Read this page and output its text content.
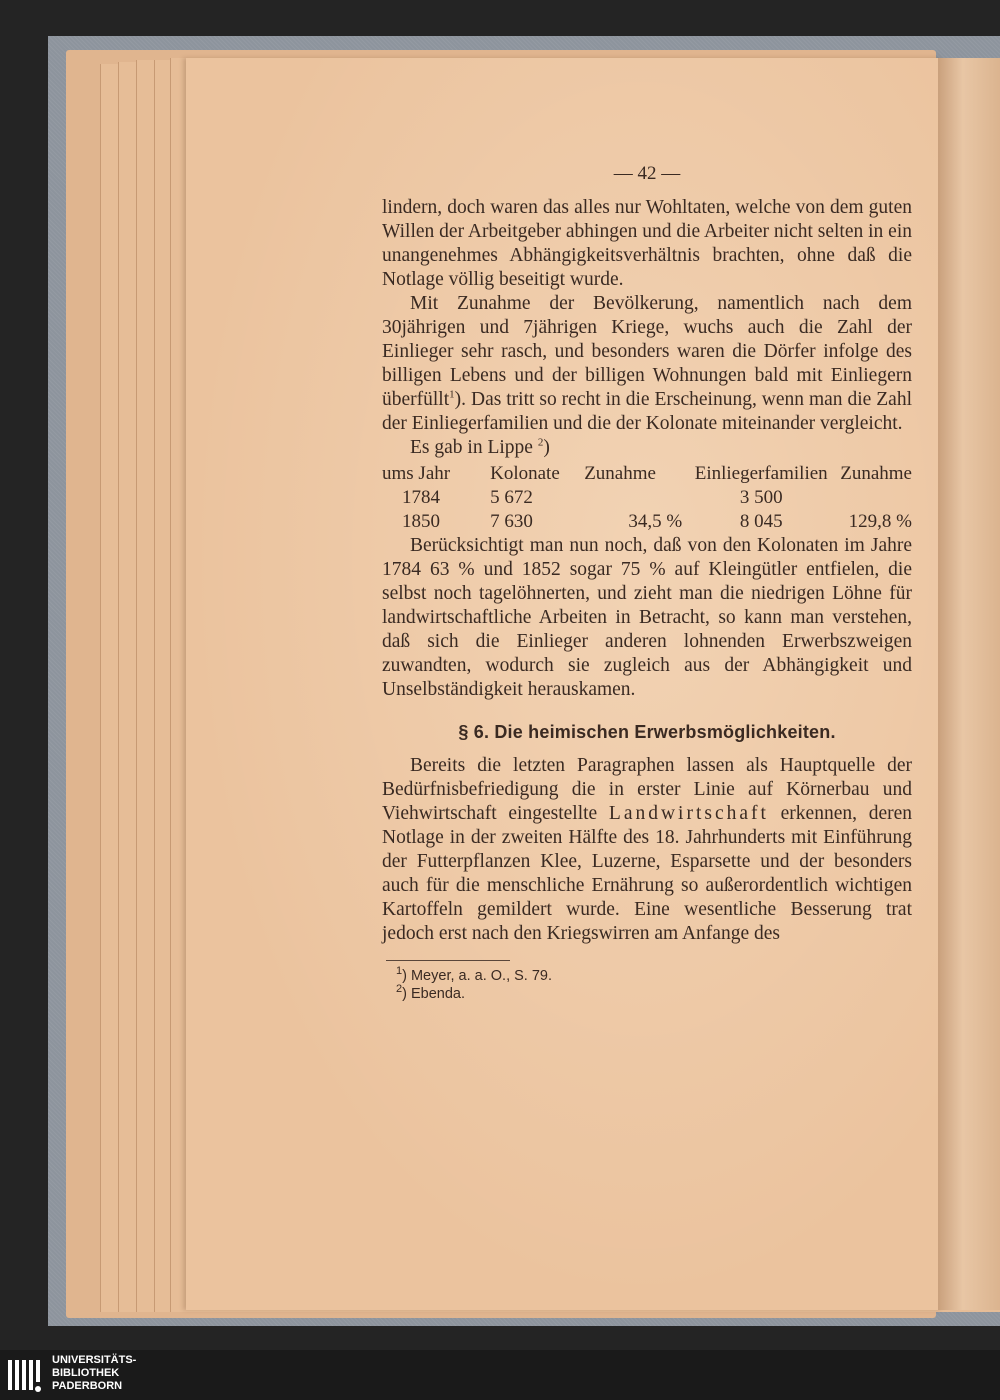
— 42 —

lindern, doch waren das alles nur Wohltaten, welche von dem guten Willen der Arbeitgeber abhingen und die Arbeiter nicht selten in ein unangenehmes Abhängigkeitsverhältnis brachten, ohne daß die Notlage völlig beseitigt wurde.

Mit Zunahme der Bevölkerung, namentlich nach dem 30jährigen und 7jährigen Kriege, wuchs auch die Zahl der Einlieger sehr rasch, und besonders waren die Dörfer infolge des billigen Lebens und der billigen Wohnungen bald mit Einliegern überfüllt$^1$). Das tritt so recht in die Erscheinung, wenn man die Zahl der Einliegerfamilien und die der Kolonate miteinander vergleicht.

Es gab in Lippe $^2$)

ums Jahr	Kolonate	Zunahme	Einliegerfamilien	Zunahme
1784	5 672		3 500	
1850	7 630	34,5 %	8 045	129,8 %

Berücksichtigt man nun noch, daß von den Kolonaten im Jahre 1784 63 % und 1852 sogar 75 % auf Kleingütler entfielen, die selbst noch tagelöhnerten, und zieht man die niedrigen Löhne für landwirtschaftliche Arbeiten in Betracht, so kann man verstehen, daß sich die Einlieger anderen lohnenden Erwerbszweigen zuwandten, wodurch sie zugleich aus der Abhängigkeit und Unselbständigkeit herauskamen.

§ 6. Die heimischen Erwerbsmöglichkeiten.

Bereits die letzten Paragraphen lassen als Hauptquelle der Bedürfnisbefriedigung die in erster Linie auf Körnerbau und Viehwirtschaft eingestellte Landwirtschaft erkennen, deren Notlage in der zweiten Hälfte des 18. Jahrhunderts mit Einführung der Futterpflanzen Klee, Luzerne, Esparsette und der besonders auch für die menschliche Ernährung so außerordentlich wichtigen Kartoffeln gemildert wurde. Eine wesentliche Besserung trat jedoch erst nach den Kriegswirren am Anfange des

$^1$) Meyer, a. a. O., S. 79.

$^2$) Ebenda.

UNIVERSITÄTS-
BIBLIOTHEK
PADERBORN
